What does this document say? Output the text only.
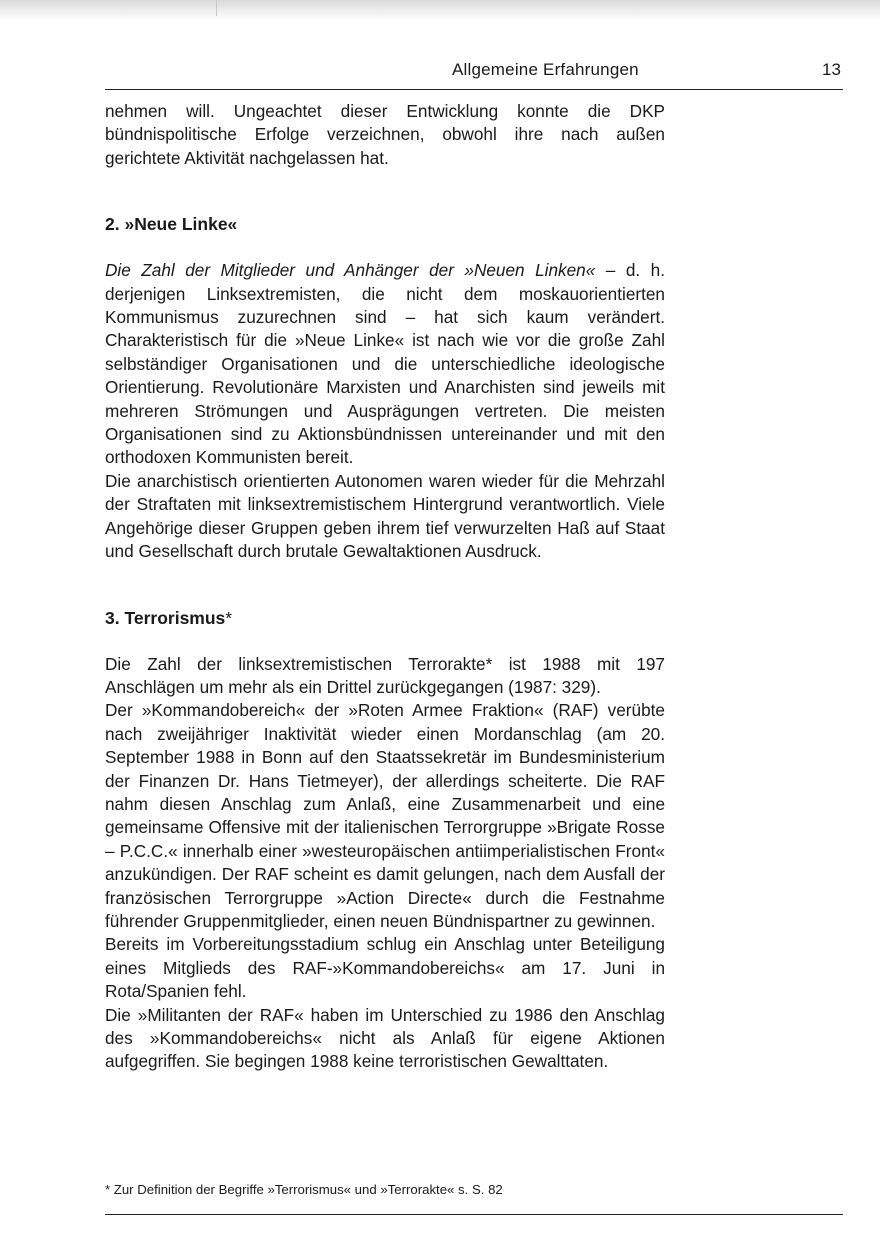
Allgemeine Erfahrungen	13

nehmen will. Ungeachtet dieser Entwicklung konnte die DKP bündnispolitische Erfolge verzeichnen, obwohl ihre nach außen gerichtete Aktivität nachgelassen hat.

2. »Neue Linke«

Die Zahl der Mitglieder und Anhänger der »Neuen Linken« – d. h. derjenigen Linksextremisten, die nicht dem moskauorientierten Kommunismus zuzurechnen sind – hat sich kaum verändert. Charakteristisch für die »Neue Linke« ist nach wie vor die große Zahl selbständiger Organisationen und die unterschiedliche ideologische Orientierung. Revolutionäre Marxisten und Anarchisten sind jeweils mit mehreren Strömungen und Ausprägungen vertreten. Die meisten Organisationen sind zu Aktionsbündnissen untereinander und mit den orthodoxen Kommunisten bereit.

Die anarchistisch orientierten Autonomen waren wieder für die Mehrzahl der Straftaten mit linksextremistischem Hintergrund verantwortlich. Viele Angehörige dieser Gruppen geben ihrem tief verwurzelten Haß auf Staat und Gesellschaft durch brutale Gewaltaktionen Ausdruck.

3. Terrorismus*

Die Zahl der linksextremistischen Terrorakte* ist 1988 mit 197 Anschlägen um mehr als ein Drittel zurückgegangen (1987: 329).

Der »Kommandobereich« der »Roten Armee Fraktion« (RAF) verübte nach zweijähriger Inaktivität wieder einen Mordanschlag (am 20. September 1988 in Bonn auf den Staatssekretär im Bundesministerium der Finanzen Dr. Hans Tietmeyer), der allerdings scheiterte. Die RAF nahm diesen Anschlag zum Anlaß, eine Zusammenarbeit und eine gemeinsame Offensive mit der italienischen Terrorgruppe »Brigate Rosse – P.C.C.« innerhalb einer »westeuropäischen antiimperialistischen Front« anzukündigen. Der RAF scheint es damit gelungen, nach dem Ausfall der französischen Terrorgruppe »Action Directe« durch die Festnahme führender Gruppenmitglieder, einen neuen Bündnispartner zu gewinnen.

Bereits im Vorbereitungsstadium schlug ein Anschlag unter Beteiligung eines Mitglieds des RAF-»Kommandobereichs« am 17. Juni in Rota/Spanien fehl.

Die »Militanten der RAF« haben im Unterschied zu 1986 den Anschlag des »Kommandobereichs« nicht als Anlaß für eigene Aktionen aufgegriffen. Sie begingen 1988 keine terroristischen Gewalttaten.

* Zur Definition der Begriffe »Terrorismus« und »Terrorakte« s. S. 82
